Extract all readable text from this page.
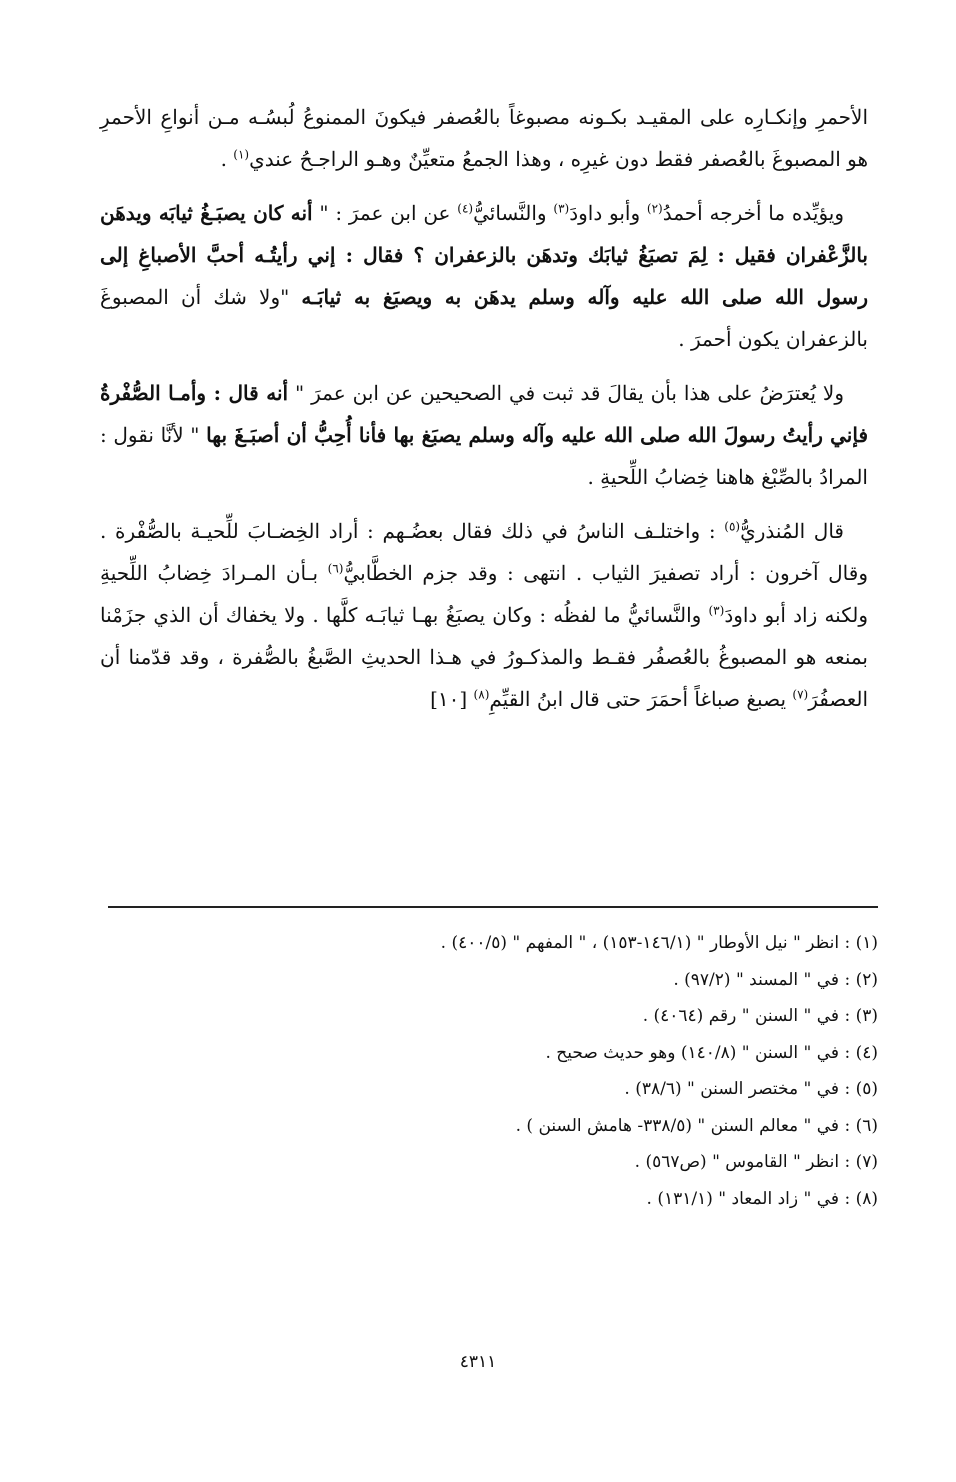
الأحمرِ وإنكـارِه على المقيـد بكـونه مصبوغاً بالعُصفر فيكونَ الممنوعُ لُبسُـه مـن أنواعِ الأحمرِ هو المصبوغَ بالعُصفر فقط دون غيرِه ، وهذا الجمعُ متعيِّنٌ وهـو الراجـحُ عندي$^{(١)}$ .

ويؤيِّده ما أخرجه أحمدُ$^{(٢)}$ وأبو داودَ$^{(٣)}$ والنَّسائيُّ$^{(٤)}$ عن ابن عمرَ : " أنه كان يصبَـغُ ثيابَه ويدهَن بالزَّعْفران فقيل : لِمَ تصبَغُ ثيابَك وتدهَن بالزعفران ؟ فقال : إني رأيتُـه أحبَّ الأصباغِ إلى رسول الله صلى الله عليه وآله وسلم يدهَن به ويصبَغ به ثيابَـه "ولا شك أن المصبوغَ بالزعفران يكون أحمرَ .

ولا يُعترَضُ على هذا بأن يقالَ قد ثبت في الصحيحين عن ابن عمرَ " أنه قال : وأمـا الصُّفْرةُ فإني رأيتُ رسولَ الله صلى الله عليه وآله وسلم يصبَغ بها فأنا أُحِبُّ أن أصبَـغَ بها " لأنَّا نقول : المرادُ بالصِّبْغ هاهنا خِضابُ اللِّحيةِ .

قال المُنذريُّ$^{(٥)}$ : واختلـف الناسُ في ذلك فقال بعضُـهم : أراد الخِضـابَ للِّحيـة بالصُّفْرة . وقال آخرون : أراد تصفيرَ الثياب . انتهى : وقد جزم الخطَّابيُّ$^{(٦)}$ بـأن المـرادَ خِضابُ اللِّحيةِ ولكنه زاد أبو داودَ$^{(٣)}$ والنَّسائيُّ ما لفظُه : وكان يصبَغُ بهـا ثيابَـه كلَّها . ولا يخفاك أن الذي جزَمْنا بمنعه هو المصبوغُ بالعُصفُر فقـط والمذكـورُ في هـذا الحديثِ الصَّبغُ بالصُّفرة ، وقد قدّمنا أن العصفُرَ$^{(٧)}$ يصبغ صباغاً أحمَرَ حتى قال ابنُ القيِّمِ$^{(٨)}$ [١٠]

(١) : انظر " نيل الأوطار " (١٤٦/١-١٥٣) ، " المفهم " (٤٠٠/٥) .
(٢) : في " المسند " (٩٧/٢) .
(٣) : في " السنن " رقم (٤٠٦٤) .
(٤) : في " السنن " (١٤٠/٨) وهو حديث صحيح .
(٥) : في " مختصر السنن " (٣٨/٦) .
(٦) : في " معالم السنن " (٣٣٨/٥- هامش السنن ) .
(٧) : انظر " القاموس " (ص٥٦٧) .
(٨) : في " زاد المعاد " (١٣١/١) .
٤٣١١
